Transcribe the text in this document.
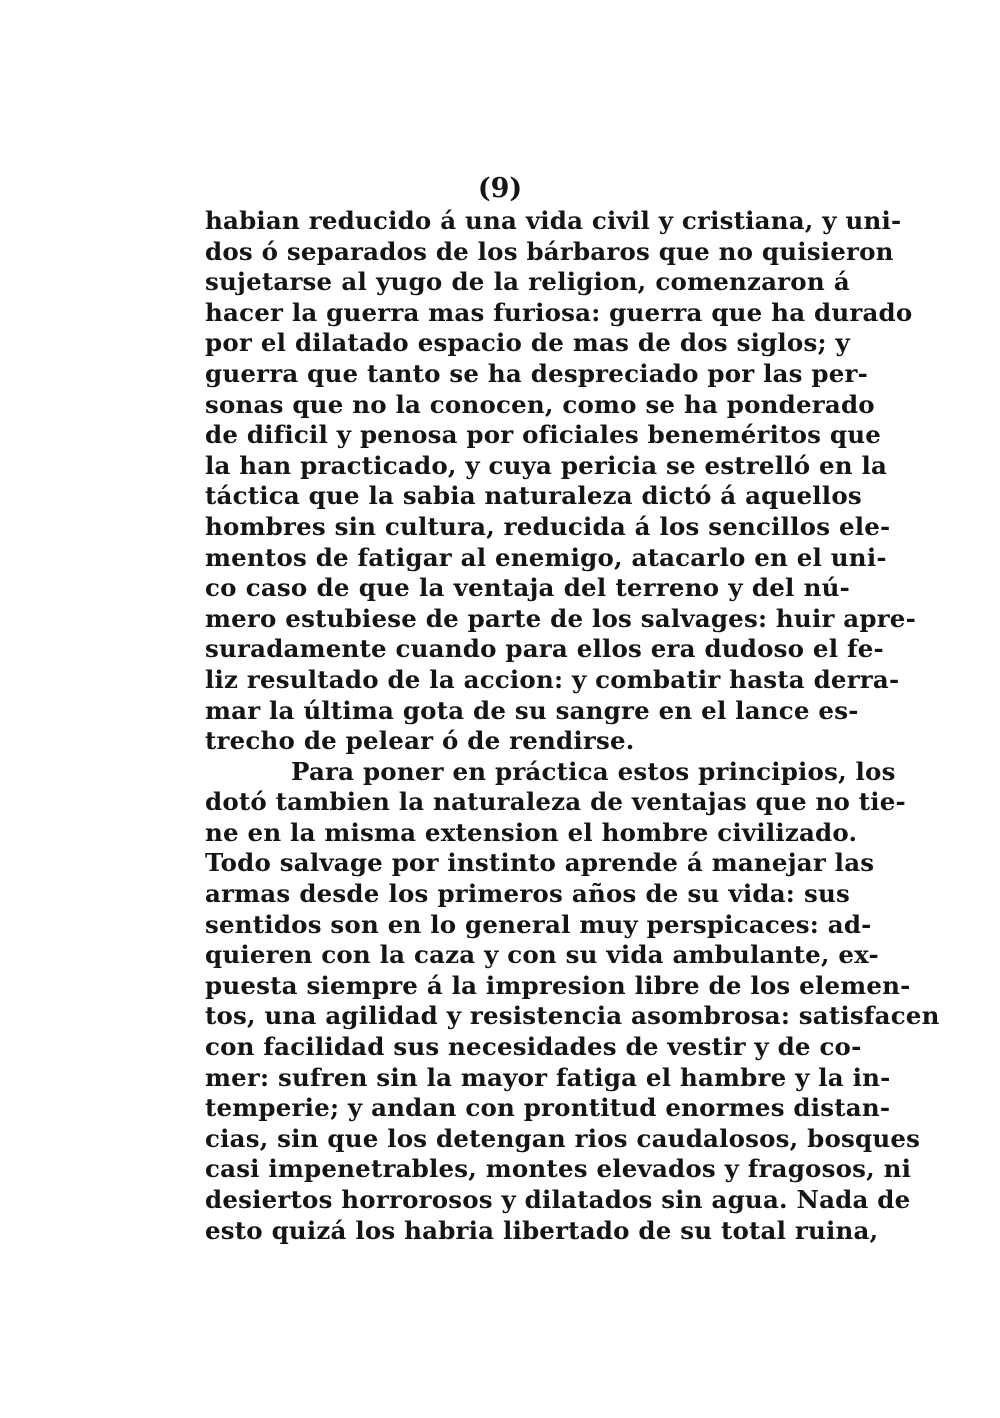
(9)
habian reducido á una vida civil y cristiana, y uni-
dos ó separados de los bárbaros que no quisieron
sujetarse al yugo de la religion, comenzaron á
hacer la guerra mas furiosa: guerra que ha durado
por el dilatado espacio de mas de dos siglos; y
guerra que tanto se ha despreciado por las per-
sonas que no la conocen, como se ha ponderado
de dificil y penosa por oficiales beneméritos que
la han practicado, y cuya pericia se estrelló en la
táctica que la sabia naturaleza dictó á aquellos
hombres sin cultura, reducida á los sencillos ele-
mentos de fatigar al enemigo, atacarlo en el uni-
co caso de que la ventaja del terreno y del nú-
mero estubiese de parte de los salvages: huir apre-
suradamente cuando para ellos era dudoso el fe-
liz resultado de la accion: y combatir hasta derra-
mar la última gota de su sangre en el lance es-
trecho de pelear ó de rendirse.
Para poner en práctica estos principios, los
dotó tambien la naturaleza de ventajas que no tie-
ne en la misma extension el hombre civilizado.
Todo salvage por instinto aprende á manejar las
armas desde los primeros años de su vida: sus
sentidos son en lo general muy perspicaces: ad-
quieren con la caza y con su vida ambulante, ex-
puesta siempre á la impresion libre de los elemen-
tos, una agilidad y resistencia asombrosa: satisfacen
con facilidad sus necesidades de vestir y de co-
mer: sufren sin la mayor fatiga el hambre y la in-
temperie; y andan con prontitud enormes distan-
cias, sin que los detengan rios caudalosos, bosques
casi impenetrables, montes elevados y fragosos, ni
desiertos horrorosos y dilatados sin agua. Nada de
esto quizá los habria libertado de su total ruina,
